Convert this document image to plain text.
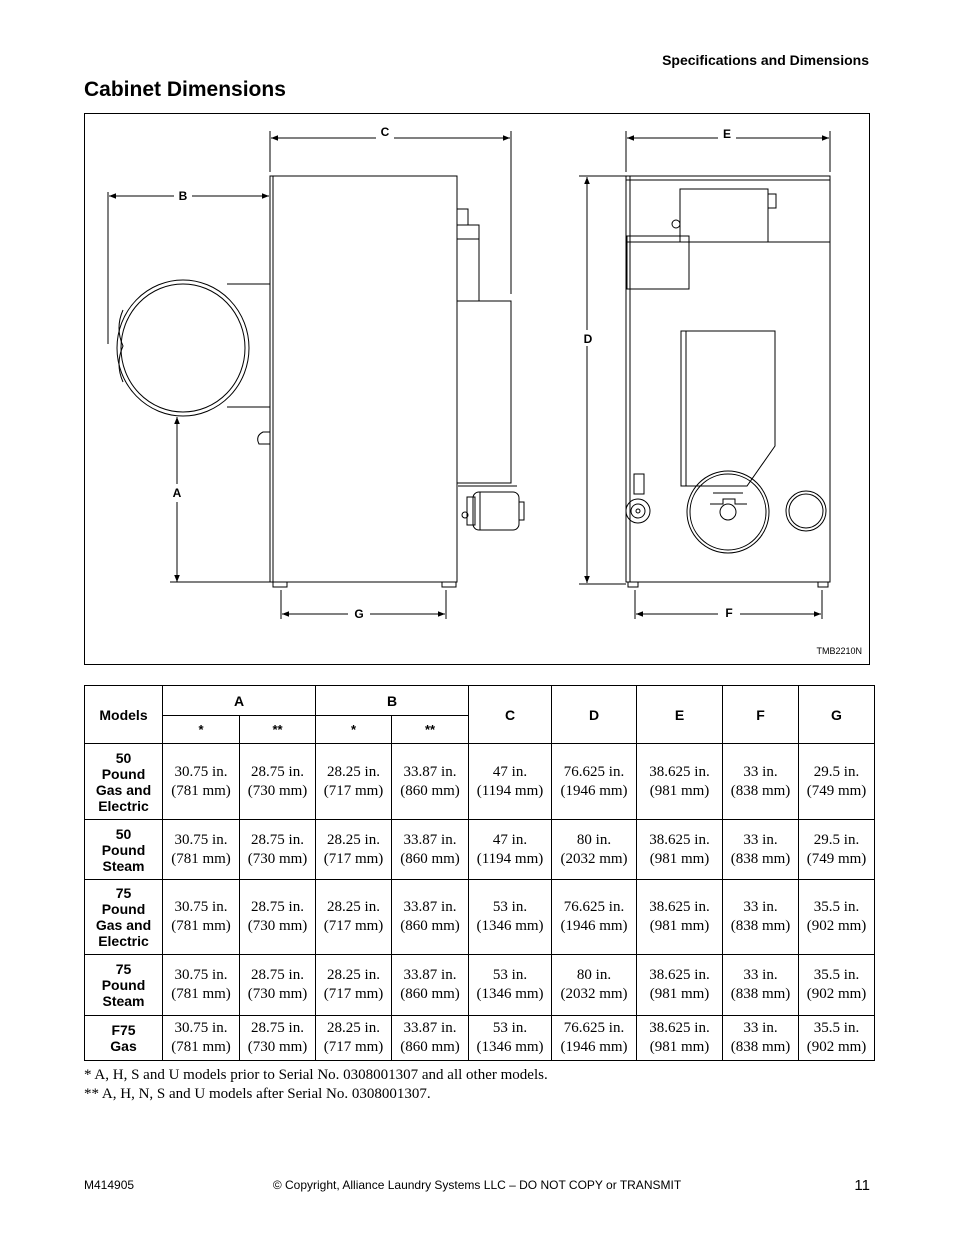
Specifications and Dimensions
Cabinet Dimensions
C
B
A
G
E
D
F
TMB2210N
Models	A		B		C	D	E	F	G
	*	**	*	**					

50
Pound
Gas and
Electric	30.75 in.
(781 mm)	28.75 in.
(730 mm)	28.25 in.
(717 mm)	33.87 in.
(860 mm)	47 in.
(1194 mm)	76.625 in.
(1946 mm)	38.625 in.
(981 mm)	33 in.
(838 mm)	29.5 in.
(749 mm)

50
Pound
Steam	30.75 in.
(781 mm)	28.75 in.
(730 mm)	28.25 in.
(717 mm)	33.87 in.
(860 mm)	47 in.
(1194 mm)	80 in.
(2032 mm)	38.625 in.
(981 mm)	33 in.
(838 mm)	29.5 in.
(749 mm)

75
Pound
Gas and
Electric	30.75 in.
(781 mm)	28.75 in.
(730 mm)	28.25 in.
(717 mm)	33.87 in.
(860 mm)	53 in.
(1346 mm)	76.625 in.
(1946 mm)	38.625 in.
(981 mm)	33 in.
(838 mm)	35.5 in.
(902 mm)

75
Pound
Steam	30.75 in.
(781 mm)	28.75 in.
(730 mm)	28.25 in.
(717 mm)	33.87 in.
(860 mm)	53 in.
(1346 mm)	80 in.
(2032 mm)	38.625 in.
(981 mm)	33 in.
(838 mm)	35.5 in.
(902 mm)

F75
Gas	30.75 in.
(781 mm)	28.75 in.
(730 mm)	28.25 in.
(717 mm)	33.87 in.
(860 mm)	53 in.
(1346 mm)	76.625 in.
(1946 mm)	38.625 in.
(981 mm)	33 in.
(838 mm)	35.5 in.
(902 mm)

* A, H, S and U models prior to Serial No. 0308001307 and all other models.

** A, H, N, S and U models after Serial No. 0308001307.

M414905	© Copyright, Alliance Laundry Systems LLC – DO NOT COPY or TRANSMIT	11
